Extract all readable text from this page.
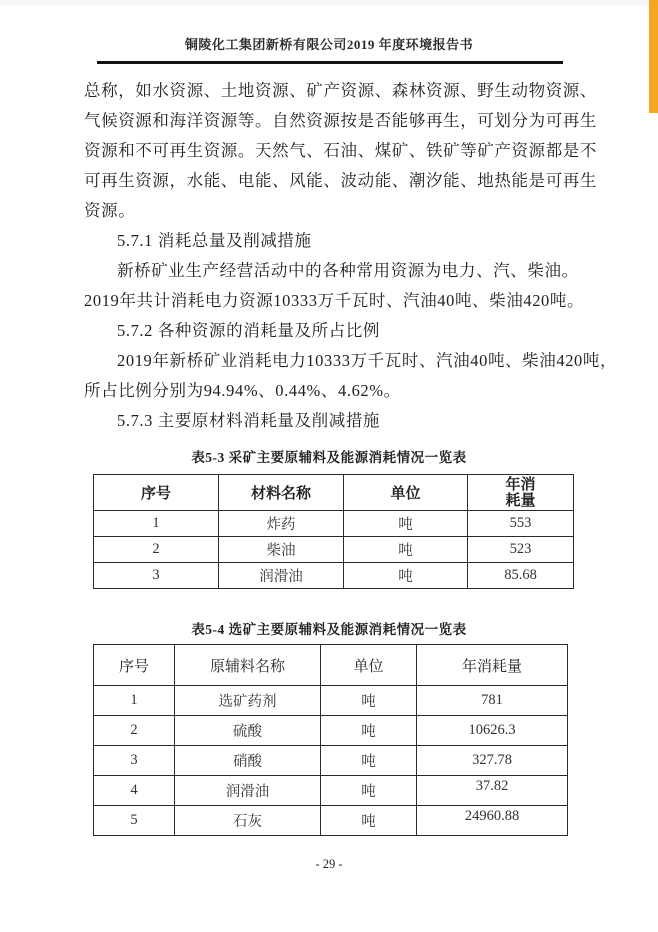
铜陵化工集团新桥有限公司2019 年度环境报告书
总称，如水资源、土地资源、矿产资源、森林资源、野生动物资源、
气候资源和海洋资源等。自然资源按是否能够再生，可划分为可再生
资源和不可再生资源。天然气、石油、煤矿、铁矿等矿产资源都是不
可再生资源，水能、电能、风能、波动能、潮汐能、地热能是可再生
资源。
5.7.1 消耗总量及削减措施
新桥矿业生产经营活动中的各种常用资源为电力、汽、柴油。
2019年共计消耗电力资源10333万千瓦时、汽油40吨、柴油420吨。
5.7.2 各种资源的消耗量及所占比例
2019年新桥矿业消耗电力10333万千瓦时、汽油40吨、柴油420吨，
所占比例分别为94.94%、0.44%、4.62%。
5.7.3 主要原材料消耗量及削减措施
表5-3 采矿主要原辅料及能源消耗情况一览表
序号	材料名称	单位	年消
耗量

1	炸药	吨	553
2	柴油	吨	523
3	润滑油	吨	85.68
表5-4 选矿主要原辅料及能源消耗情况一览表
序号	原辅料名称	单位	年消耗量
1	选矿药剂	吨	781
2	硫酸	吨	10626.3
3	硝酸	吨	327.78
4	润滑油	吨	37.82
5	石灰	吨	24960.88
- 29 -
